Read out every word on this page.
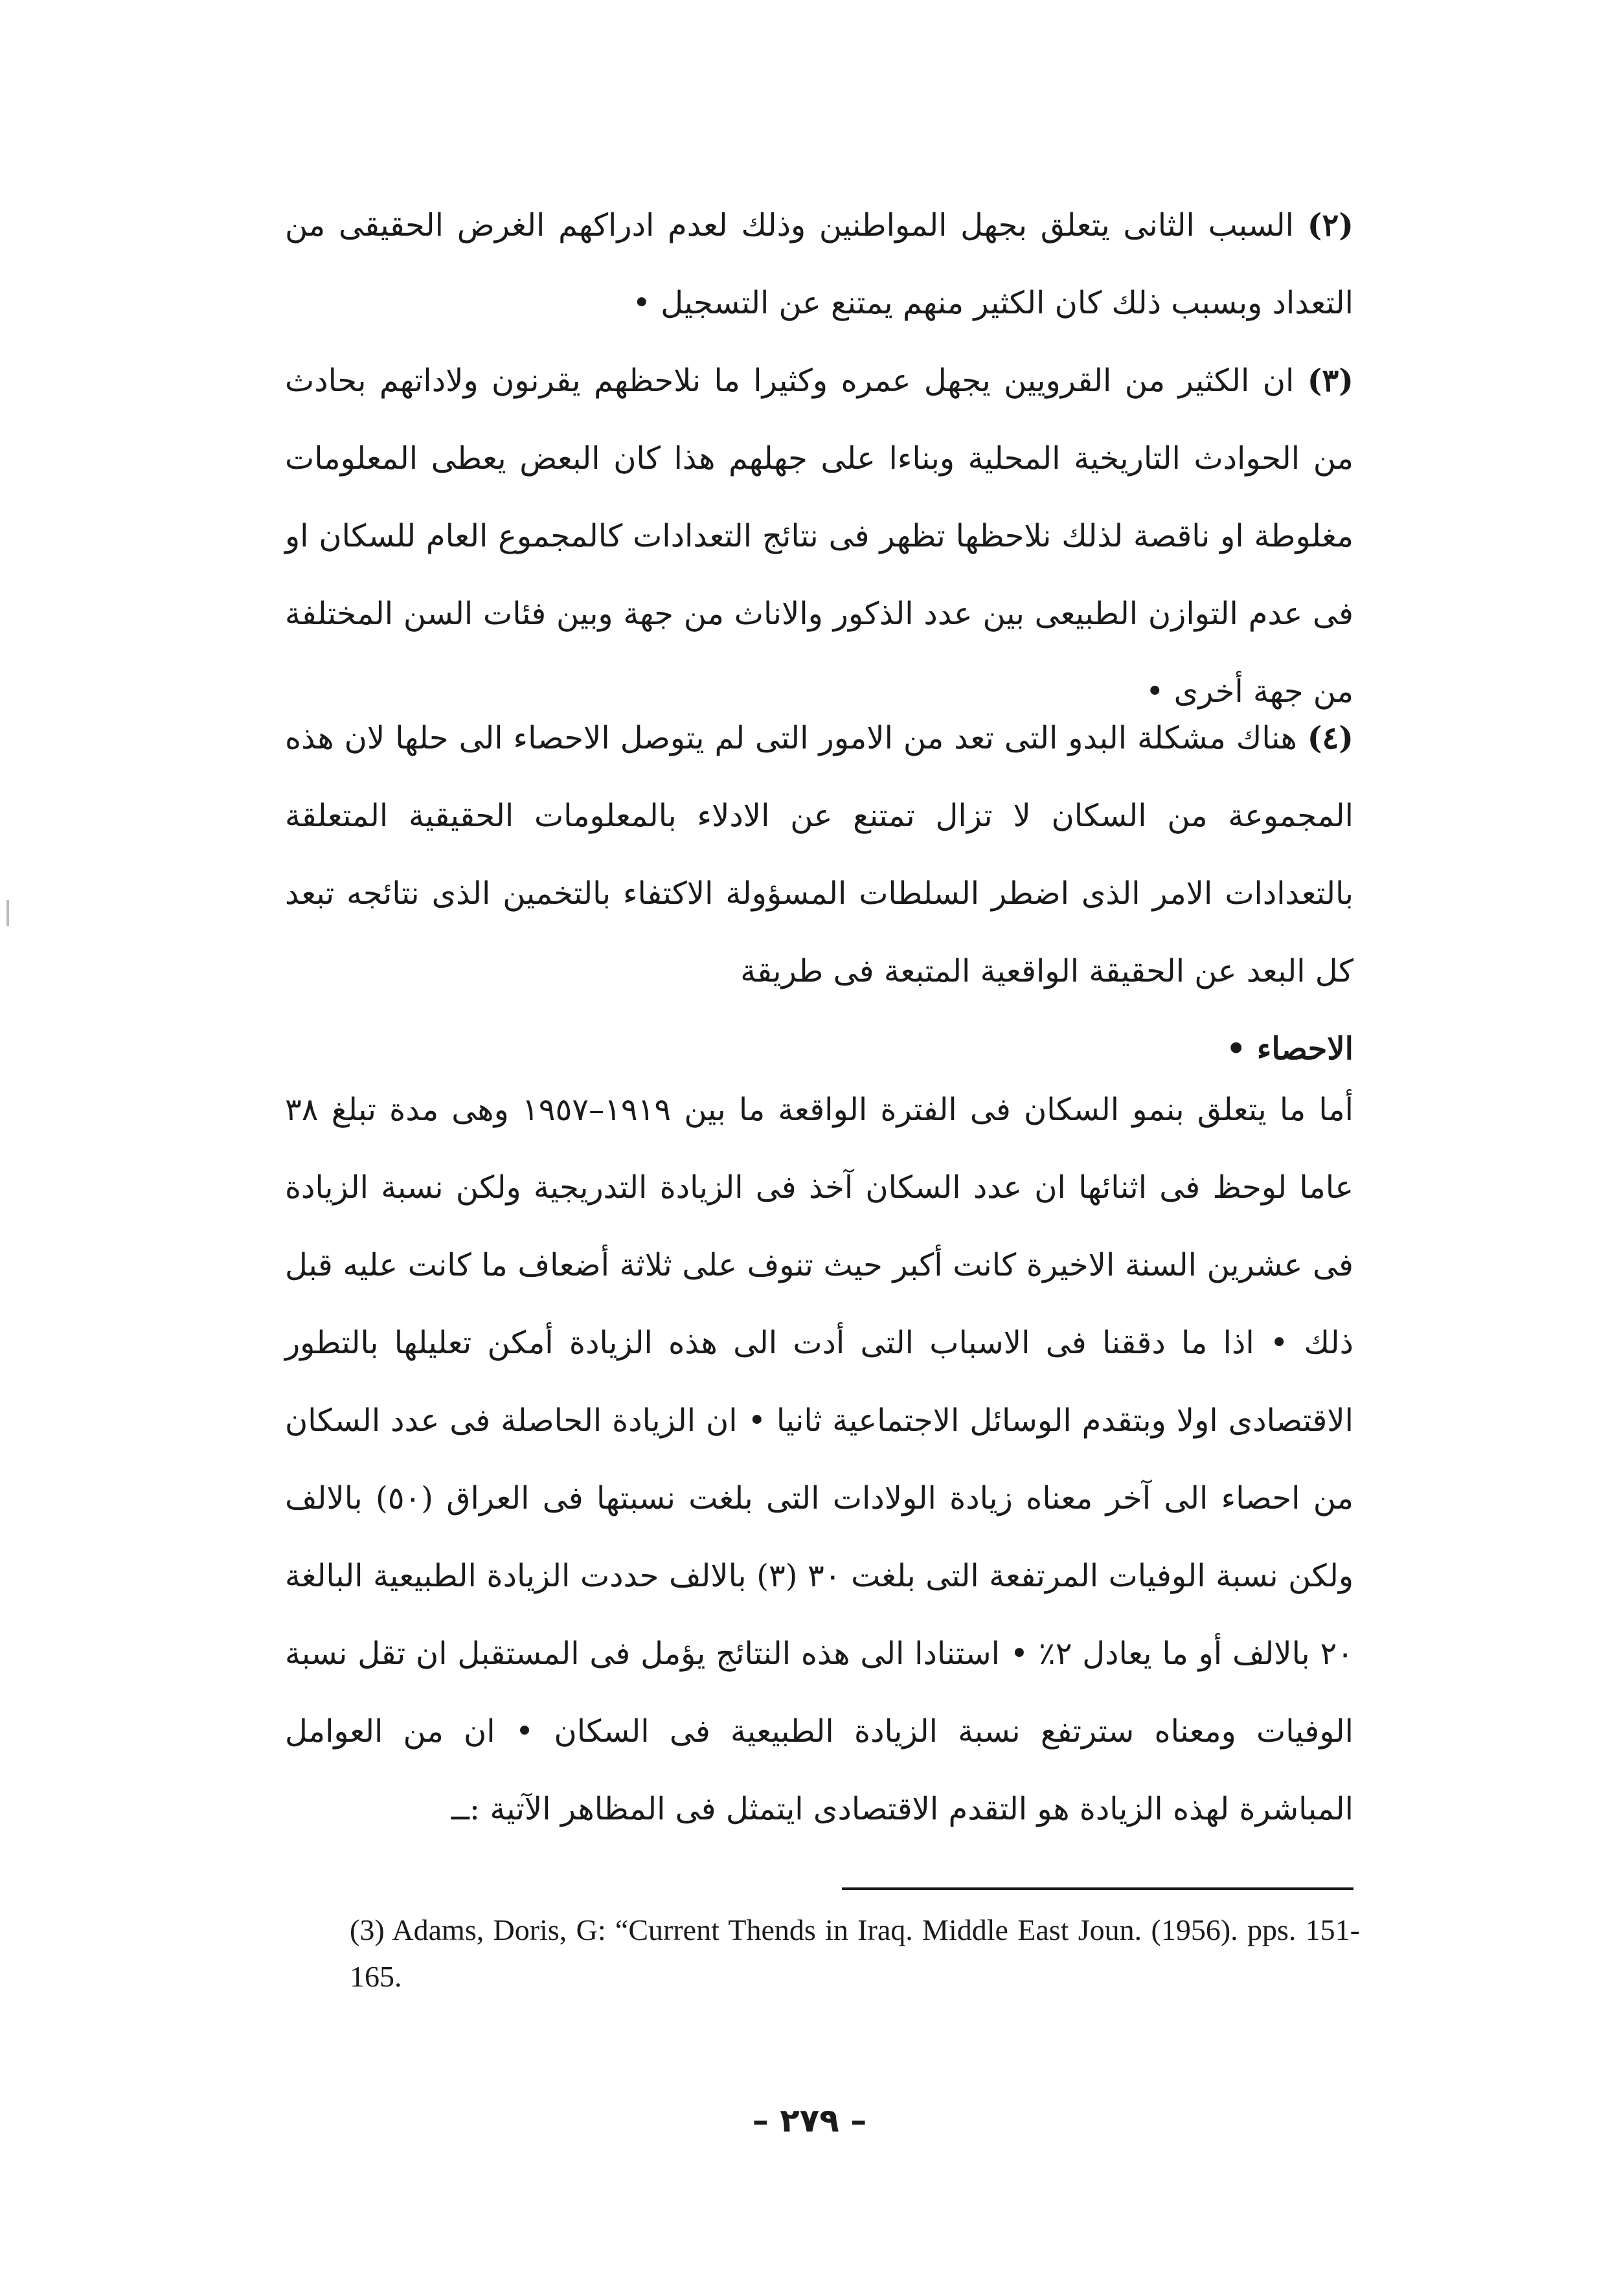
(٢) السبب الثانى يتعلق بجهل المواطنين وذلك لعدم ادراكهم الغرض الحقيقى من التعداد وبسبب ذلك كان الكثير منهم يمتنع عن التسجيل •

(٣) ان الكثير من القرويين يجهل عمره وكثيرا ما نلاحظهم يقرنون ولاداتهم بحادث من الحوادث التاريخية المحلية وبناءا على جهلهم هذا كان البعض يعطى المعلومات مغلوطة او ناقصة لذلك نلاحظها تظهر فى نتائج التعدادات كالمجموع العام للسكان او فى عدم التوازن الطبيعى بين عدد الذكور والاناث من جهة وبين فئات السن المختلفة من جهة أخرى •

(٤) هناك مشكلة البدو التى تعد من الامور التى لم يتوصل الاحصاء الى حلها لان هذه المجموعة من السكان لا تزال تمتنع عن الادلاء بالمعلومات الحقيقية المتعلقة بالتعدادات الامر الذى اضطر السلطات المسؤولة الاكتفاء بالتخمين الذى نتائجه تبعد كل البعد عن الحقيقة الواقعية المتبعة فى طريقة
الاحصاء •

أما ما يتعلق بنمو السكان فى الفترة الواقعة ما بين ١٩١٩–١٩٥٧ وهى مدة تبلغ ٣٨ عاما لوحظ فى اثنائها ان عدد السكان آخذ فى الزيادة التدريجية ولكن نسبة الزيادة فى عشرين السنة الاخيرة كانت أكبر حيث تنوف على ثلاثة أضعاف ما كانت عليه قبل ذلك • اذا ما دققنا فى الاسباب التى أدت الى هذه الزيادة أمكن تعليلها بالتطور الاقتصادى اولا وبتقدم الوسائل الاجتماعية ثانيا • ان الزيادة الحاصلة فى عدد السكان من احصاء الى آخر معناه زيادة الولادات التى بلغت نسبتها فى العراق (٥٠) بالالف ولكن نسبة الوفيات المرتفعة التى بلغت ٣٠ (٣) بالالف حددت الزيادة الطبيعية البالغة ٢٠ بالالف أو ما يعادل ٢٪ • استنادا الى هذه النتائج يؤمل فى المستقبل ان تقل نسبة الوفيات ومعناه سترتفع نسبة الزيادة الطبيعية فى السكان • ان من العوامل المباشرة لهذه الزيادة هو التقدم الاقتصادى ايتمثل فى المظاهر الآتية :ــ

(3) Adams, Doris, G: “Current Thends in Iraq. Middle East Joun. (1956). pps. 151-165.

– ٢٧٩ –
